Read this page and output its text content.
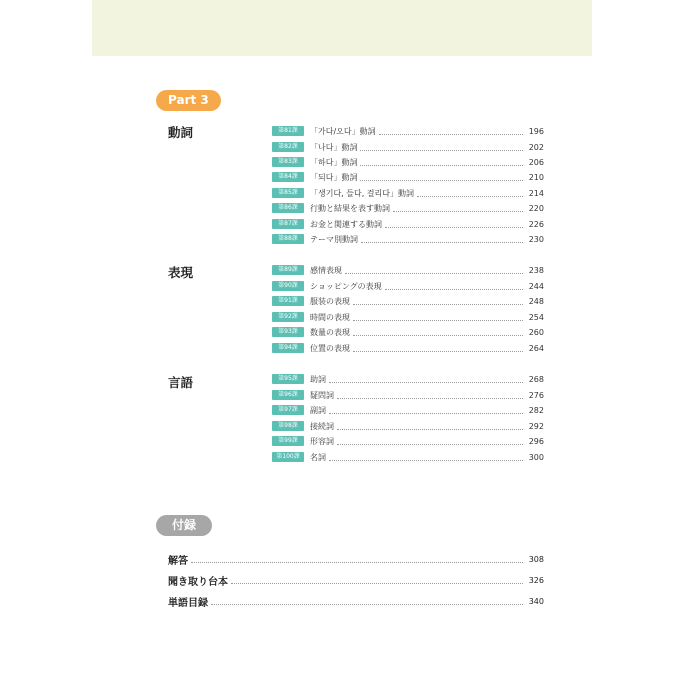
Part 3
動詞	第81課	「가다/오다」動詞	196
第82課	「나다」動詞	202
第83課	「하다」動詞	206
第84課	「되다」動詞	210
第85課	「생기다, 들다, 걸리다」動詞	214
第86課	行動と結果を表す動詞	220
第87課	お金と関連する動詞	226
第88課	テーマ別動詞	230
表現	第89課	感情表現	238
第90課	ショッピングの表現	244
第91課	服装の表現	248
第92課	時間の表現	254
第93課	数量の表現	260
第94課	位置の表現	264
言語	第95課	助詞	268
第96課	疑問詞	276
第97課	副詞	282
第98課	接続詞	292
第99課	形容詞	296
第100課	名詞	300
付録
解答	308
聞き取り台本	326
単語目録	340
